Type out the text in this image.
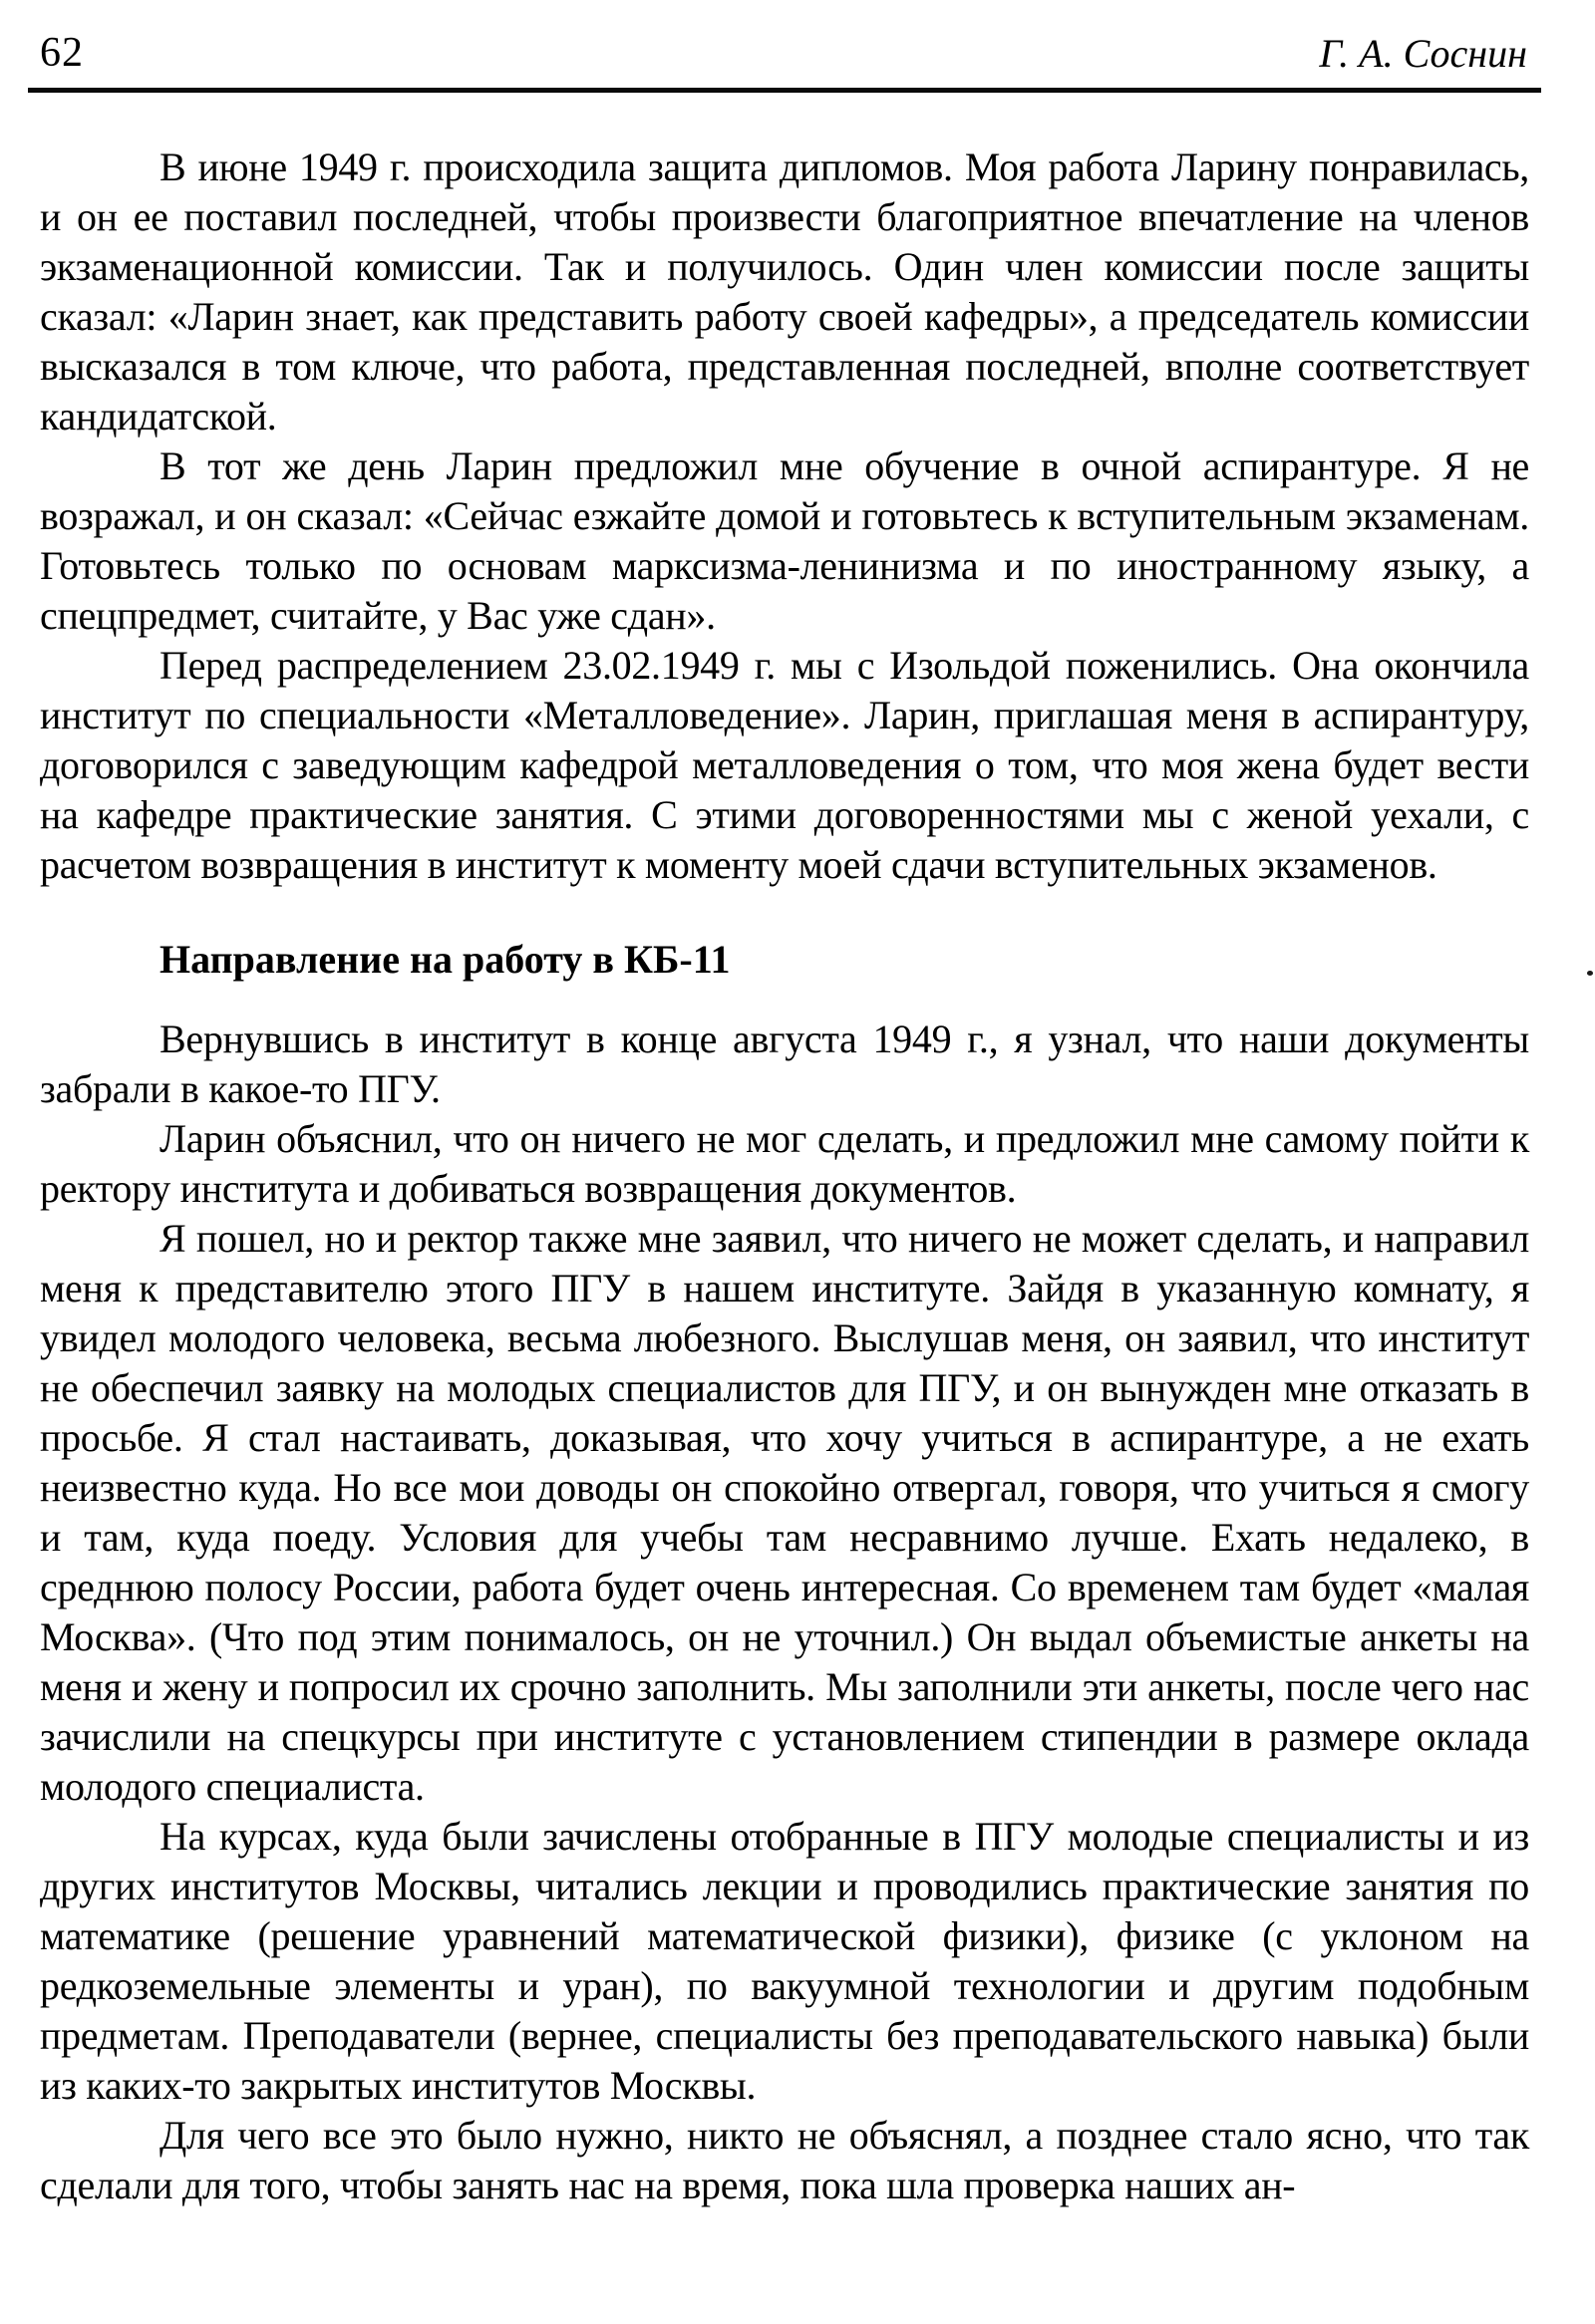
62	Г. А. Соснин

В июне 1949 г. происходила защита дипломов. Моя работа Ларину понравилась, и он ее поставил последней, чтобы произвести благоприятное впечатление на членов экзаменационной комиссии. Так и получилось. Один член комиссии после защиты сказал: «Ларин знает, как представить работу своей кафедры», а председатель комиссии высказался в том ключе, что работа, представленная последней, вполне соответствует кандидатской.

В тот же день Ларин предложил мне обучение в очной аспирантуре. Я не возражал, и он сказал: «Сейчас езжайте домой и готовьтесь к вступительным экзаменам. Готовьтесь только по основам марксизма-ленинизма и по иностранному языку, а спецпредмет, считайте, у Вас уже сдан».

Перед распределением 23.02.1949 г. мы с Изольдой поженились. Она окончила институт по специальности «Металловедение». Ларин, приглашая меня в аспирантуру, договорился с заведующим кафедрой металловедения о том, что моя жена будет вести на кафедре практические занятия. С этими договоренностями мы с женой уехали, с расчетом возвращения в институт к моменту моей сдачи вступительных экзаменов.

Направление на работу в КБ-11

Вернувшись в институт в конце августа 1949 г., я узнал, что наши документы забрали в какое-то ПГУ.

Ларин объяснил, что он ничего не мог сделать, и предложил мне самому пойти к ректору института и добиваться возвращения документов.

Я пошел, но и ректор также мне заявил, что ничего не может сделать, и направил меня к представителю этого ПГУ в нашем институте. Зайдя в указанную комнату, я увидел молодого человека, весьма любезного. Выслушав меня, он заявил, что институт не обеспечил заявку на молодых специалистов для ПГУ, и он вынужден мне отказать в просьбе. Я стал настаивать, доказывая, что хочу учиться в аспирантуре, а не ехать неизвестно куда. Но все мои доводы он спокойно отвергал, говоря, что учиться я смогу и там, куда поеду. Условия для учебы там несравнимо лучше. Ехать недалеко, в среднюю полосу России, работа будет очень интересная. Со временем там будет «малая Москва». (Что под этим понималось, он не уточнил.) Он выдал объемистые анкеты на меня и жену и попросил их срочно заполнить. Мы заполнили эти анкеты, после чего нас зачислили на спецкурсы при институте с установлением стипендии в размере оклада молодого специалиста.

На курсах, куда были зачислены отобранные в ПГУ молодые специалисты и из других институтов Москвы, читались лекции и проводились практические занятия по математике (решение уравнений математической физики), физике (с уклоном на редкоземельные элементы и уран), по вакуумной технологии и другим подобным предметам. Преподаватели (вернее, специалисты без преподавательского навыка) были из каких-то закрытых институтов Москвы.

Для чего все это было нужно, никто не объяснял, а позднее стало ясно, что так сделали для того, чтобы занять нас на время, пока шла проверка наших ан-
